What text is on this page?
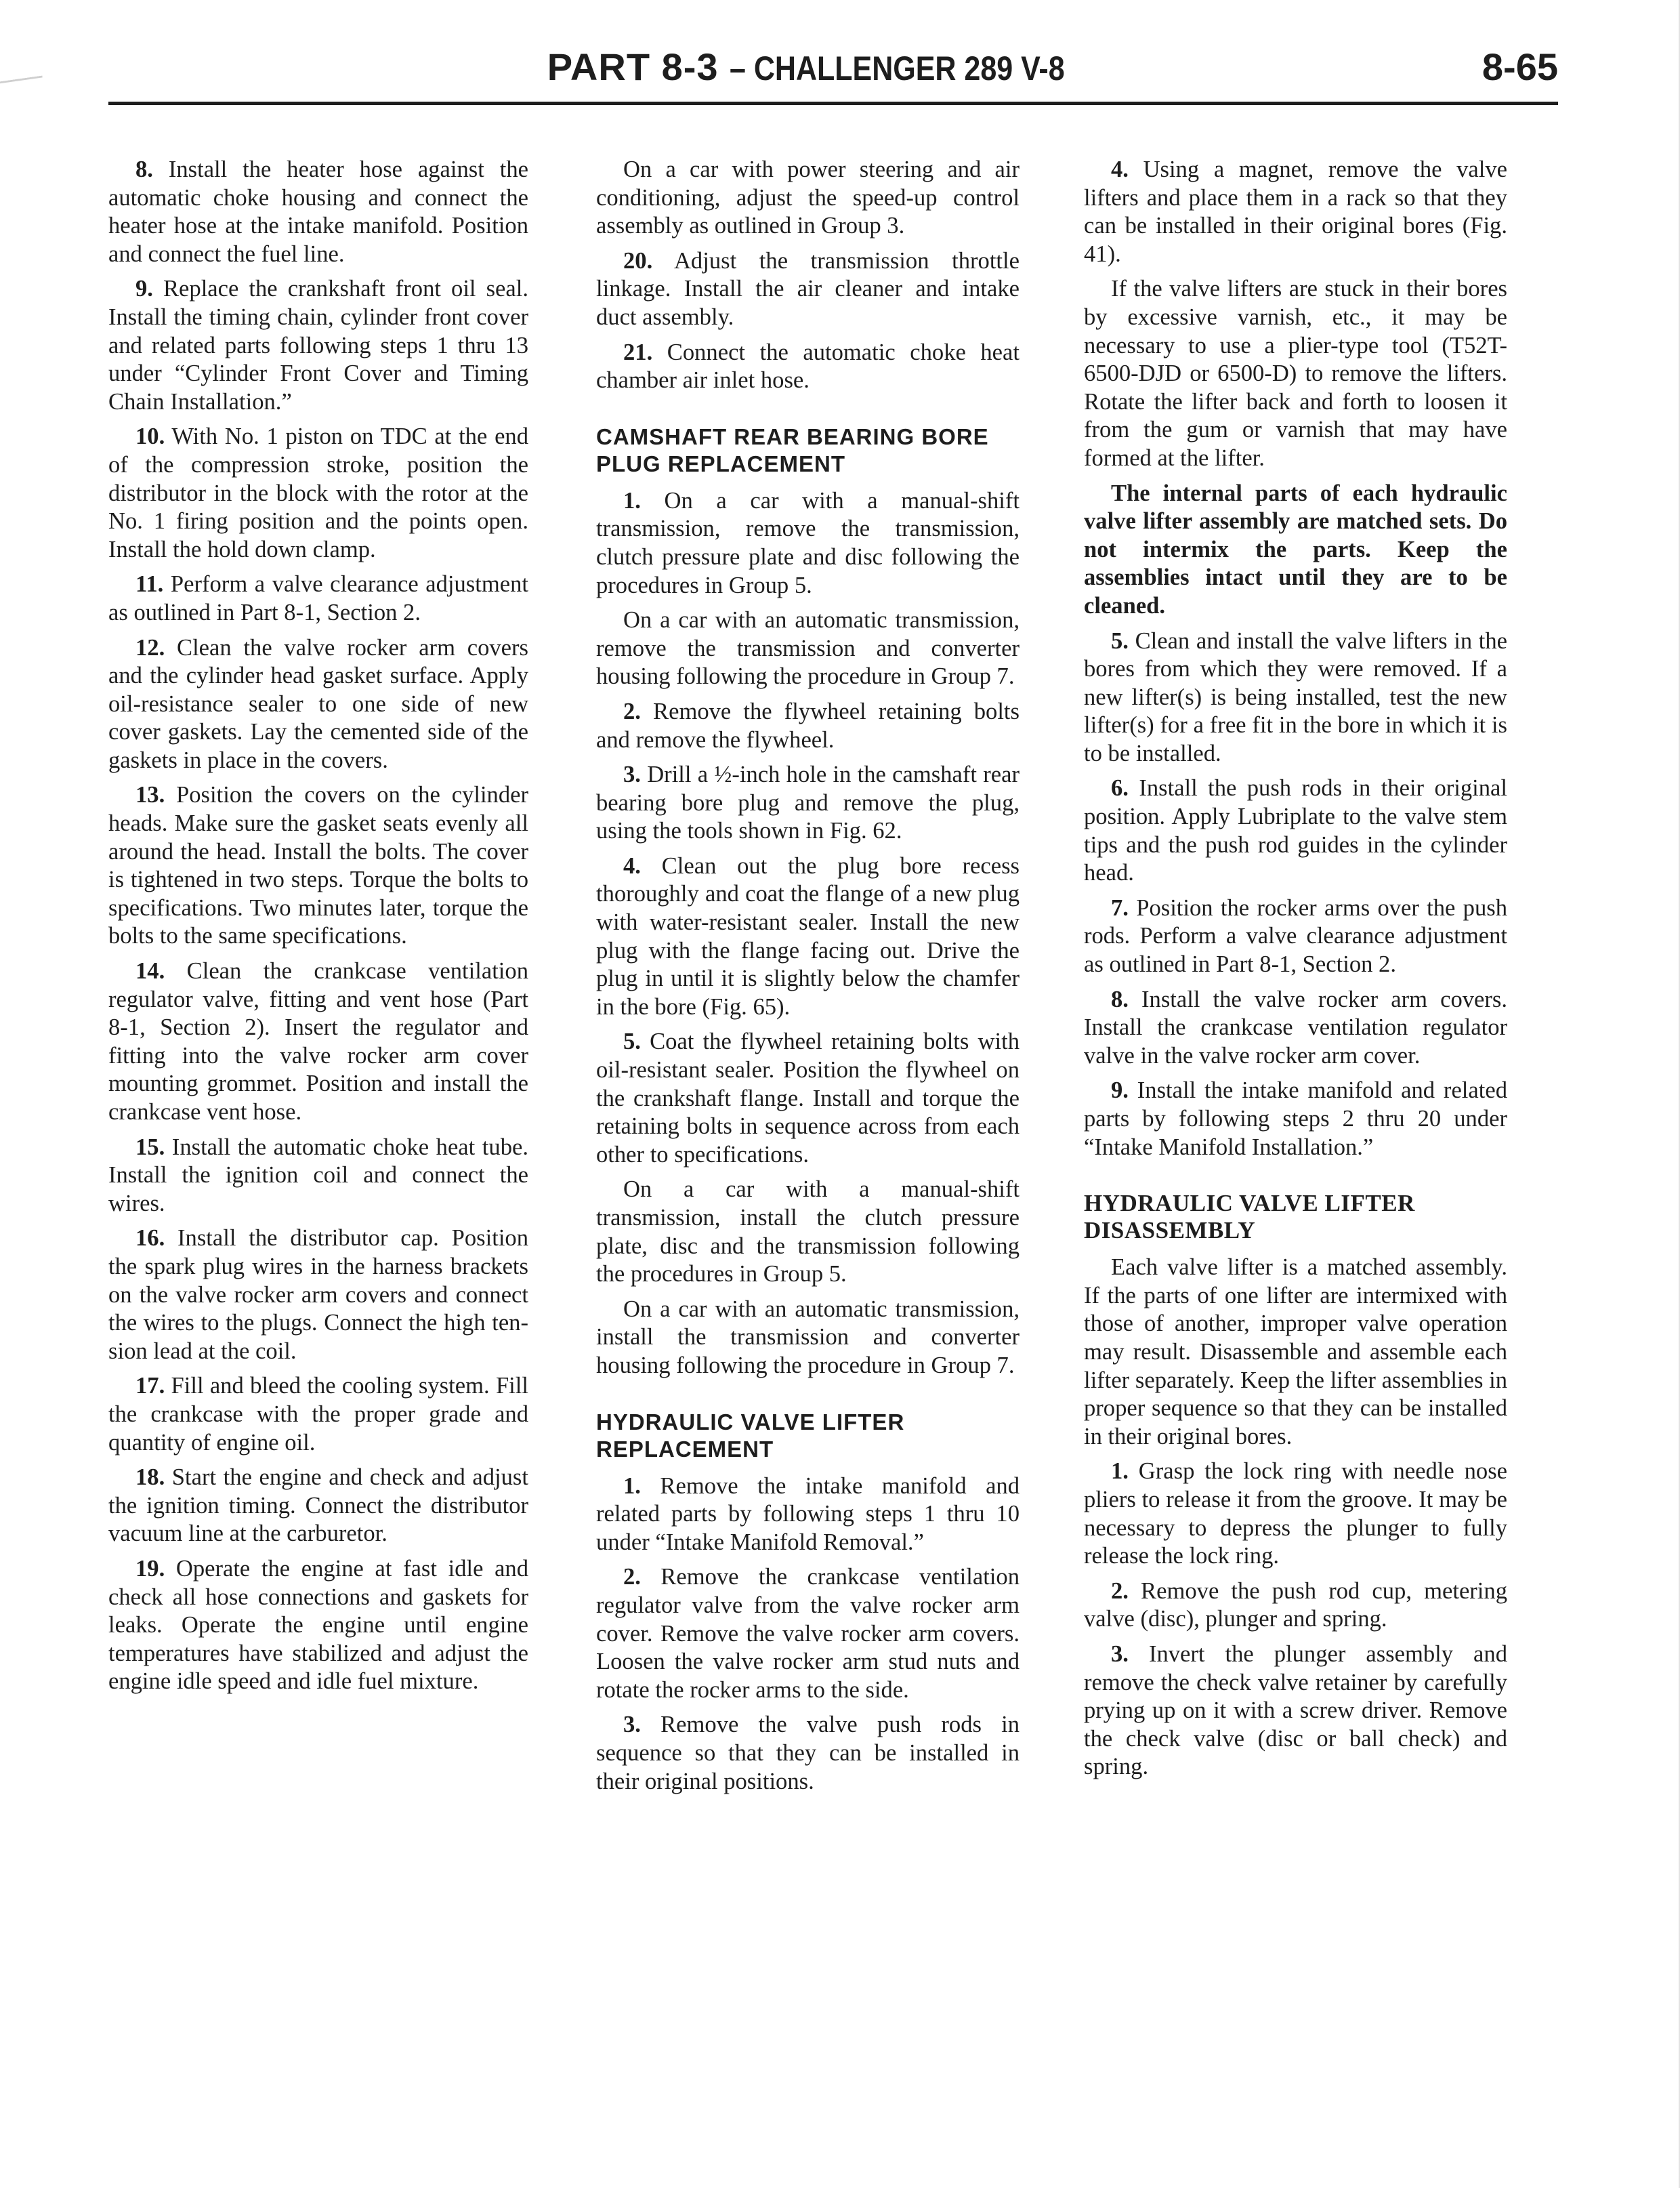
PART 8-3 – CHALLENGER 289 V-8	8-65

8. Install the heater hose against the automatic choke housing and connect the heater hose at the intake manifold. Position and connect the fuel line.

9. Replace the crankshaft front oil seal. Install the timing chain, cylinder front cover and related parts following steps 1 thru 13 under “Cylinder Front Cover and Timing Chain Installation.”

10. With No. 1 piston on TDC at the end of the compression stroke, position the distributor in the block with the rotor at the No. 1 firing position and the points open. Install the hold down clamp.

11. Perform a valve clearance adjustment as outlined in Part 8-1, Section 2.

12. Clean the valve rocker arm covers and the cylinder head gasket surface. Apply oil-resistance sealer to one side of new cover gaskets. Lay the cemented side of the gaskets in place in the covers.

13. Position the covers on the cylinder heads. Make sure the gasket seats evenly all around the head. Install the bolts. The cover is tightened in two steps. Torque the bolts to specifications. Two minutes later, torque the bolts to the same specifications.

14. Clean the crankcase ventilation regulator valve, fitting and vent hose (Part 8-1, Section 2). Insert the regulator and fitting into the valve rocker arm cover mounting grommet. Position and install the crankcase vent hose.

15. Install the automatic choke heat tube. Install the ignition coil and connect the wires.

16. Install the distributor cap. Position the spark plug wires in the harness brackets on the valve rocker arm covers and connect the wires to the plugs. Connect the high tension lead at the coil.

17. Fill and bleed the cooling system. Fill the crankcase with the proper grade and quantity of engine oil.

18. Start the engine and check and adjust the ignition timing. Connect the distributor vacuum line at the carburetor.

19. Operate the engine at fast idle and check all hose connections and gaskets for leaks. Operate the engine until engine temperatures have stabilized and adjust the engine idle speed and idle fuel mixture.

On a car with power steering and air conditioning, adjust the speed-up control assembly as outlined in Group 3.

20. Adjust the transmission throttle linkage. Install the air cleaner and intake duct assembly.

21. Connect the automatic choke heat chamber air inlet hose.

CAMSHAFT REAR BEARING BORE PLUG REPLACEMENT

1. On a car with a manual-shift transmission, remove the transmission, clutch pressure plate and disc following the procedures in Group 5.

On a car with an automatic transmission, remove the transmission and converter housing following the procedure in Group 7.

2. Remove the flywheel retaining bolts and remove the flywheel.

3. Drill a ½-inch hole in the camshaft rear bearing bore plug and remove the plug, using the tools shown in Fig. 62.

4. Clean out the plug bore recess thoroughly and coat the flange of a new plug with water-resistant sealer. Install the new plug with the flange facing out. Drive the plug in until it is slightly below the chamfer in the bore (Fig. 65).

5. Coat the flywheel retaining bolts with oil-resistant sealer. Position the flywheel on the crankshaft flange. Install and torque the retaining bolts in sequence across from each other to specifications.

On a car with a manual-shift transmission, install the clutch pressure plate, disc and the transmission following the procedures in Group 5.

On a car with an automatic transmission, install the transmission and converter housing following the procedure in Group 7.

HYDRAULIC VALVE LIFTER REPLACEMENT

1. Remove the intake manifold and related parts by following steps 1 thru 10 under “Intake Manifold Removal.”

2. Remove the crankcase ventilation regulator valve from the valve rocker arm cover. Remove the valve rocker arm covers. Loosen the valve rocker arm stud nuts and rotate the rocker arms to the side.

3. Remove the valve push rods in sequence so that they can be installed in their original positions.

4. Using a magnet, remove the valve lifters and place them in a rack so that they can be installed in their original bores (Fig. 41).

If the valve lifters are stuck in their bores by excessive varnish, etc., it may be necessary to use a plier-type tool (T52T-6500-DJD or 6500-D) to remove the lifters. Rotate the lifter back and forth to loosen it from the gum or varnish that may have formed at the lifter.

The internal parts of each hydraulic valve lifter assembly are matched sets. Do not intermix the parts. Keep the assemblies intact until they are to be cleaned.

5. Clean and install the valve lifters in the bores from which they were removed. If a new lifter(s) is being installed, test the new lifter(s) for a free fit in the bore in which it is to be installed.

6. Install the push rods in their original position. Apply Lubriplate to the valve stem tips and the push rod guides in the cylinder head.

7. Position the rocker arms over the push rods. Perform a valve clearance adjustment as outlined in Part 8-1, Section 2.

8. Install the valve rocker arm covers. Install the crankcase ventilation regulator valve in the valve rocker arm cover.

9. Install the intake manifold and related parts by following steps 2 thru 20 under “Intake Manifold Installation.”

HYDRAULIC VALVE LIFTER DISASSEMBLY

Each valve lifter is a matched assembly. If the parts of one lifter are intermixed with those of another, improper valve operation may result. Disassemble and assemble each lifter separately. Keep the lifter assemblies in proper sequence so that they can be installed in their original bores.

1. Grasp the lock ring with needle nose pliers to release it from the groove. It may be necessary to depress the plunger to fully release the lock ring.

2. Remove the push rod cup, metering valve (disc), plunger and spring.

3. Invert the plunger assembly and remove the check valve retainer by carefully prying up on it with a screw driver. Remove the check valve (disc or ball check) and spring.
